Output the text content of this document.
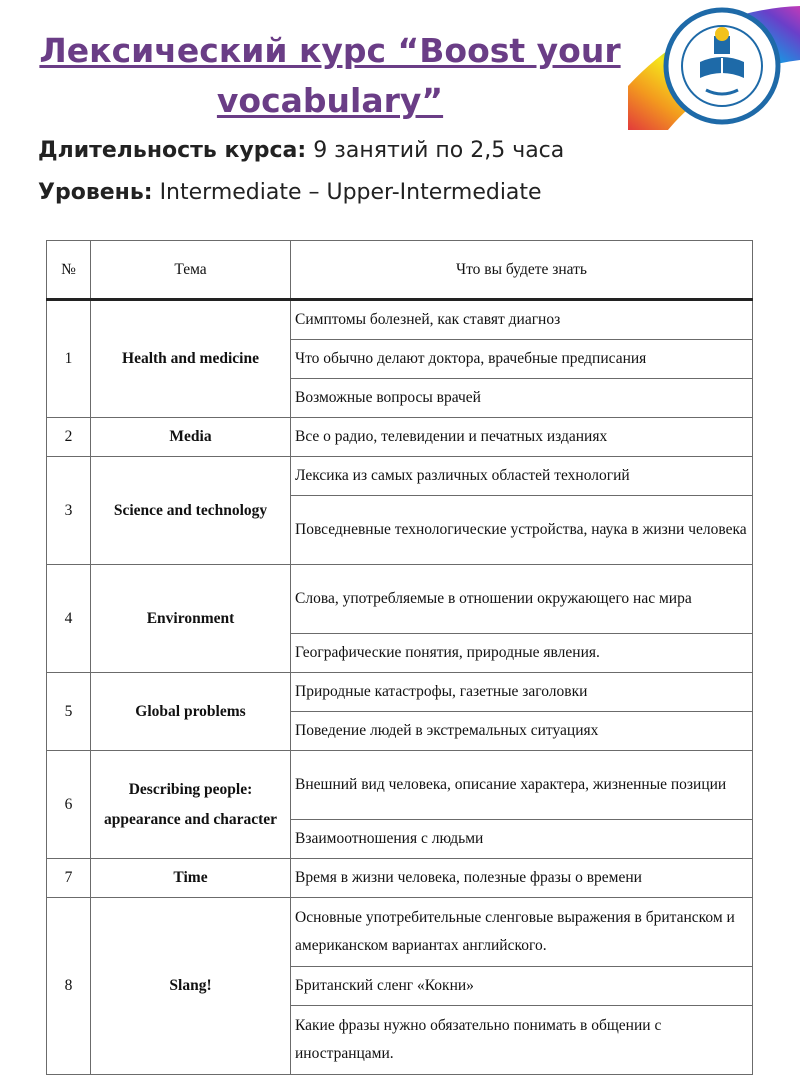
Лексический курс “Boost your
vocabulary”
Длительность курса: 9 занятий по 2,5 часа
Уровень: Intermediate – Upper-Intermediate
№	Тема	Что вы будете знать
1	Health and medicine	Симптомы болезней, как ставят диагноз
		Что обычно делают доктора, врачебные предписания
		Возможные вопросы врачей
2	Media	Все о радио, телевидении и печатных изданиях
3	Science and technology	Лексика из самых различных областей технологий
		Повседневные технологические устройства, наука в жизни человека
4	Environment	Слова, употребляемые в отношении окружающего нас мира
		Географические понятия, природные явления.
5	Global problems	Природные катастрофы, газетные заголовки
		Поведение людей в экстремальных ситуациях
6	Describing people: appearance and character	Внешний вид человека, описание характера, жизненные позиции
		Взаимоотношения с людьми
7	Time	Время в жизни человека, полезные фразы о времени
8	Slang!	Основные употребительные сленговые выражения в британском и американском вариантах английского.
		Британский сленг «Кокни»
		Какие фразы нужно обязательно понимать в общении с иностранцами.
